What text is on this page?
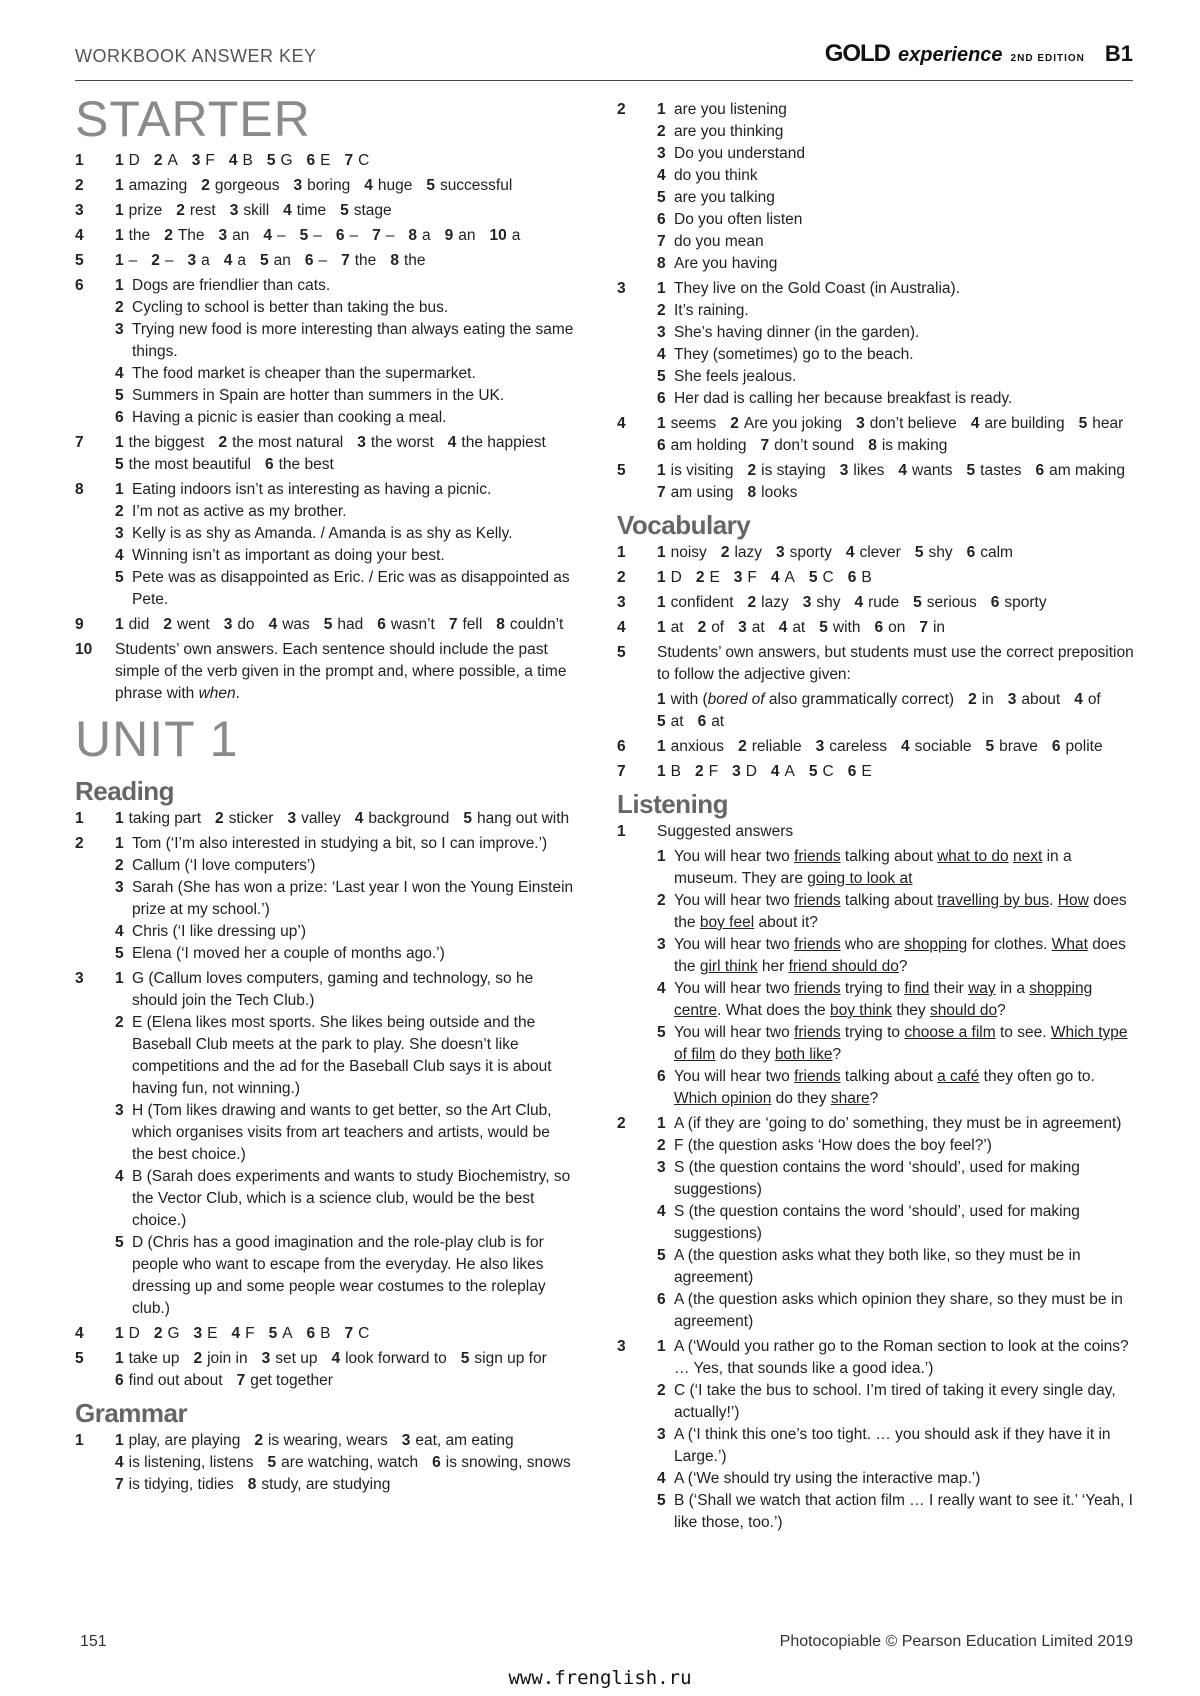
WORKBOOK ANSWER KEY	GOLD experience 2ND EDITION B1
STARTER
1 1 D 2 A 3 F 4 B 5 G 6 E 7 C
2 1 amazing 2 gorgeous 3 boring 4 huge 5 successful
3 1 prize 2 rest 3 skill 4 time 5 stage
4 1 the 2 The 3 an 4 – 5 – 6 – 7 – 8 a 9 an 10 a
5 1 – 2 – 3 a 4 a 5 an 6 – 7 the 8 the
6 1 Dogs are friendlier than cats.
2 Cycling to school is better than taking the bus.
3 Trying new food is more interesting than always eating the same things.
4 The food market is cheaper than the supermarket.
5 Summers in Spain are hotter than summers in the UK.
6 Having a picnic is easier than cooking a meal.
7 1 the biggest 2 the most natural 3 the worst 4 the happiest
5 the most beautiful 6 the best
8 1 Eating indoors isn’t as interesting as having a picnic.
2 I’m not as active as my brother.
3 Kelly is as shy as Amanda. / Amanda is as shy as Kelly.
4 Winning isn’t as important as doing your best.
5 Pete was as disappointed as Eric. / Eric was as disappointed as Pete.
9 1 did 2 went 3 do 4 was 5 had 6 wasn’t 7 fell 8 couldn’t
10 Students’ own answers. Each sentence should include the past simple of the verb given in the prompt and, where possible, a time phrase with when.
UNIT 1
Reading
1 1 taking part 2 sticker 3 valley 4 background 5 hang out with
2 1 Tom (‘I’m also interested in studying a bit, so I can improve.’)
2 Callum (‘I love computers’)
3 Sarah (She has won a prize: ‘Last year I won the Young Einstein prize at my school.’)
4 Chris (‘I like dressing up’)
5 Elena (‘I moved her a couple of months ago.’)
3 1 G (Callum loves computers, gaming and technology, so he should join the Tech Club.)
2 E (Elena likes most sports. She likes being outside and the Baseball Club meets at the park to play. She doesn’t like competitions and the ad for the Baseball Club says it is about having fun, not winning.)
3 H (Tom likes drawing and wants to get better, so the Art Club, which organises visits from art teachers and artists, would be the best choice.)
4 B (Sarah does experiments and wants to study Biochemistry, so the Vector Club, which is a science club, would be the best choice.)
5 D (Chris has a good imagination and the role-play club is for people who want to escape from the everyday. He also likes dressing up and some people wear costumes to the roleplay club.)
4 1 D 2 G 3 E 4 F 5 A 6 B 7 C
5 1 take up 2 join in 3 set up 4 look forward to 5 sign up for
6 find out about 7 get together
Grammar
1 1 play, are playing 2 is wearing, wears 3 eat, am eating
4 is listening, listens 5 are watching, watch 6 is snowing, snows
7 is tidying, tidies 8 study, are studying
2 1 are you listening
2 are you thinking
3 Do you understand
4 do you think
5 are you talking
6 Do you often listen
7 do you mean
8 Are you having
3 1 They live on the Gold Coast (in Australia).
2 It’s raining.
3 She’s having dinner (in the garden).
4 They (sometimes) go to the beach.
5 She feels jealous.
6 Her dad is calling her because breakfast is ready.
4 1 seems 2 Are you joking 3 don’t believe 4 are building 5 hear
6 am holding 7 don’t sound 8 is making
5 1 is visiting 2 is staying 3 likes 4 wants 5 tastes 6 am making
7 am using 8 looks
Vocabulary
1 1 noisy 2 lazy 3 sporty 4 clever 5 shy 6 calm
2 1 D 2 E 3 F 4 A 5 C 6 B
3 1 confident 2 lazy 3 shy 4 rude 5 serious 6 sporty
4 1 at 2 of 3 at 4 at 5 with 6 on 7 in
5 Students’ own answers, but students must use the correct preposition to follow the adjective given:
1 with (bored of also grammatically correct) 2 in 3 about 4 of
5 at 6 at
6 1 anxious 2 reliable 3 careless 4 sociable 5 brave 6 polite
7 1 B 2 F 3 D 4 A 5 C 6 E
Listening
1 Suggested answers
1 You will hear two friends talking about what to do next in a museum. They are going to look at
2 You will hear two friends talking about travelling by bus. How does the boy feel about it?
3 You will hear two friends who are shopping for clothes. What does the girl think her friend should do?
4 You will hear two friends trying to find their way in a shopping centre. What does the boy think they should do?
5 You will hear two friends trying to choose a film to see. Which type of film do they both like?
6 You will hear two friends talking about a café they often go to. Which opinion do they share?
2 1 A (if they are ‘going to do’ something, they must be in agreement)
2 F (the question asks ‘How does the boy feel?’)
3 S (the question contains the word ‘should’, used for making suggestions)
4 S (the question contains the word ‘should’, used for making suggestions)
5 A (the question asks what they both like, so they must be in agreement)
6 A (the question asks which opinion they share, so they must be in agreement)
3 1 A (‘Would you rather go to the Roman section to look at the coins? … Yes, that sounds like a good idea.’)
2 C (‘I take the bus to school. I’m tired of taking it every single day, actually!’)
3 A (‘I think this one’s too tight. … you should ask if they have it in Large.’)
4 A (‘We should try using the interactive map.’)
5 B (‘Shall we watch that action film … I really want to see it.’ ‘Yeah, I like those, too.’)
151	Photocopiable © Pearson Education Limited 2019
www.frenglish.ru
